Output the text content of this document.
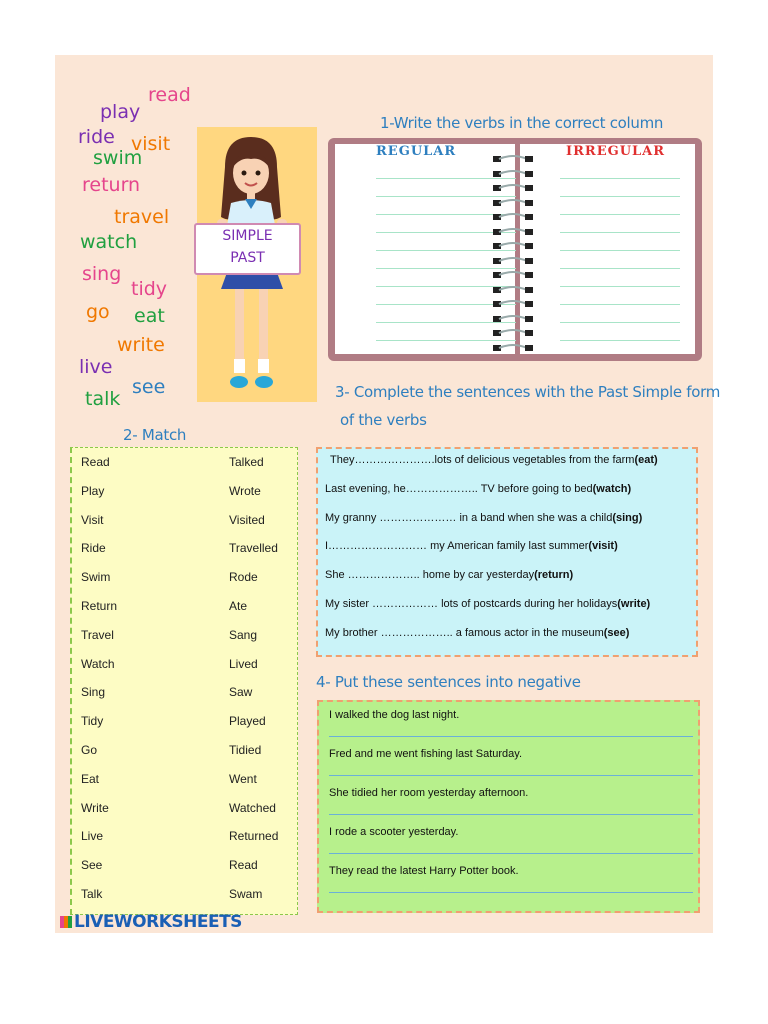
read
play
ride visit
swim
return
travel
watch
sing
tidy
go eat
write
live
see
talk
SIMPLE
PAST
1-Write the verbs in the correct column
REGULAR	IRREGULAR
2- Match
Read	Talked
Play	Wrote
Visit	Visited
Ride	Travelled
Swim	Rode
Return	Ate
Travel	Sang
Watch	Lived
Sing	Saw
Tidy	Played
Go	Tidied
Eat	Went
Write	Watched
Live	Returned
See	Read
Talk	Swam
3- Complete the sentences with the Past Simple form
of the verbs
They………………….lots of delicious vegetables from the farm(eat)
Last evening, he……………….. TV before going to bed(watch)
My granny ………………… in a band when she was a child(sing)
I……………………… my American family last summer(visit)
She ……………….. home by car yesterday(return)
My sister ……………… lots of postcards during her holidays(write)
My brother ……………….. a famous actor in the museum(see)
4- Put these sentences into negative
I walked the dog last night.
Fred and me went fishing last Saturday.
She tidied her room yesterday afternoon.
I rode a scooter yesterday.
They read the latest Harry Potter book.
LIVEWORKSHEETS
